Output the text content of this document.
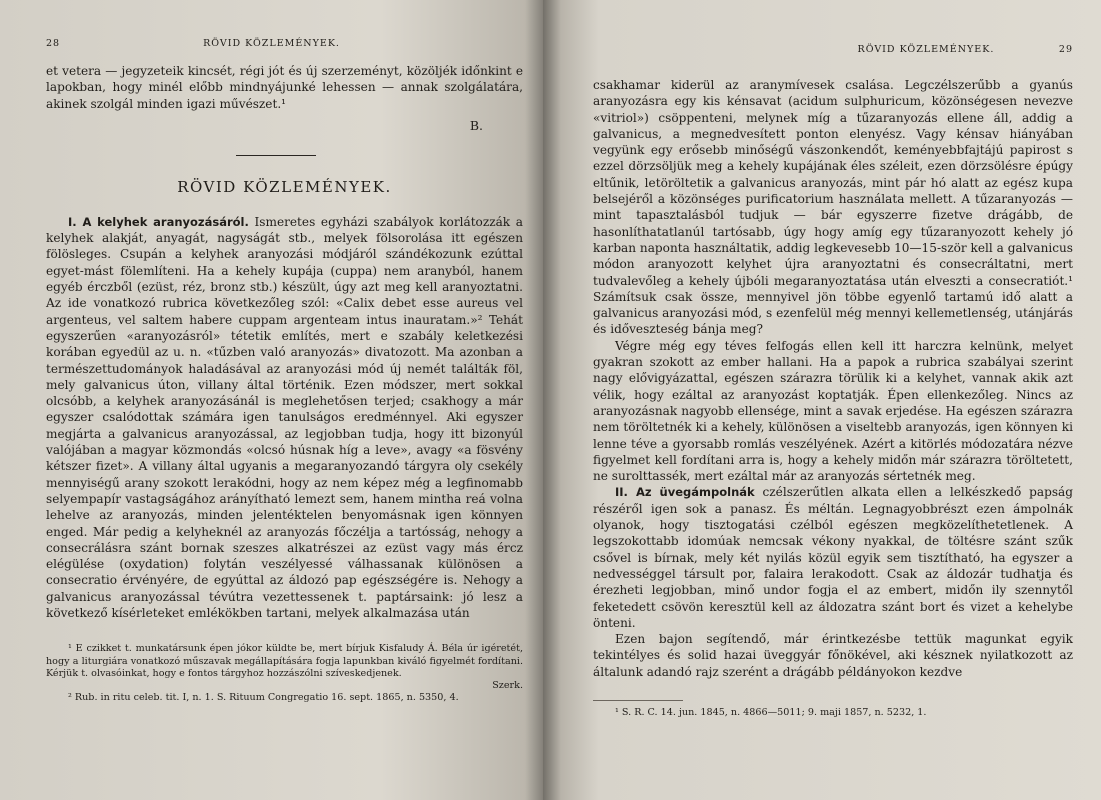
28	RÖVID KÖZLEMÉNYEK.

et vetera — jegyzeteik kincsét, régi jót és új szerzeményt, közöljék időnkint e lapokban, hogy minél előbb mindnyájunké lehessen — annak szolgálatára, akinek szolgál minden igazi művészet.¹

B.
RÖVID KÖZLEMÉNYEK.

I. A kelyhek aranyozásáról. Ismeretes egyházi szabályok korlátozzák a kelyhek alakját, anyagát, nagyságát stb., melyek fölsorolása itt egészen fölösleges. Csupán a kelyhek aranyozási módjáról szándékozunk ezúttal egyet-mást fölemlíteni. Ha a kehely kupája (cuppa) nem aranyból, hanem egyéb érczből (ezüst, réz, bronz stb.) készült, úgy azt meg kell aranyoztatni. Az ide vonatkozó rubrica következőleg szól: «Calix debet esse aureus vel argenteus, vel saltem habere cuppam argenteam intus inauratam.»² Tehát egyszerűen «aranyozásról» tétetik említés, mert e szabály keletkezési korában egyedül az u. n. «tűzben való aranyozás» divatozott. Ma azonban a természettudományok haladásával az aranyozási mód új nemét találták föl, mely galvanicus úton, villany által történik. Ezen módszer, mert sokkal olcsóbb, a kelyhek aranyozásánál is meglehetősen terjed; csakhogy a már egyszer csalódottak számára igen tanulságos eredménnyel. Aki egyszer megjárta a galvanicus aranyozással, az legjobban tudja, hogy itt bizonyúl valójában a magyar közmondás «olcsó húsnak híg a leve», avagy «a fösvény kétszer fizet». A villany által ugyanis a megaranyozandó tárgyra oly csekély mennyiségű arany szokott lerakódni, hogy az nem képez még a legfinomabb selyempapír vastagságához arányítható lemezt sem, hanem mintha reá volna lehelve az aranyozás, minden jelentéktelen benyomásnak igen könnyen enged. Már pedig a kelyheknél az aranyozás főczélja a tartósság, nehogy a consecrálásra szánt bornak szeszes alkatrészei az ezüst vagy más ércz elégülése (oxydation) folytán veszélyessé válhassanak különösen a consecratio érvényére, de egyúttal az áldozó pap egészségére is. Nehogy a galvanicus aranyozással tévútra vezettessenek t. paptársaink: jó lesz a következő kísérleteket emlékökben tartani, melyek alkalmazása után

¹ E czikket t. munkatársunk épen jókor küldte be, mert bírjuk Kisfaludy Á. Béla úr igéretét, hogy a liturgiára vonatkozó műszavak megállapítására fogja lapunkban kiváló figyelmét fordítani. Kérjük t. olvasóinkat, hogy e fontos tárgyhoz hozzászólni szíveskedjenek.

Szerk.

² Rub. in ritu celeb. tit. I, n. 1. S. Rituum Congregatio 16. sept. 1865, n. 5350, 4.

RÖVID KÖZLEMÉNYEK.	29

csakhamar kiderül az aranymívesek csalása. Legczélszerűbb a gyanús aranyozásra egy kis kénsavat (acidum sulphuricum, közönségesen nevezve «vitriol») csöppenteni, melynek míg a tűzaranyozás ellene áll, addig a galvanicus, a megnedvesített ponton elenyész. Vagy kénsav hiányában vegyünk egy erősebb minőségű vászonkendőt, keményebbfajtájú papirost s ezzel dörzsöljük meg a kehely kupájának éles széleit, ezen dörzsölésre épúgy eltűnik, letöröltetik a galvanicus aranyozás, mint pár hó alatt az egész kupa belsejéről a közönséges purificatorium használata mellett. A tűzaranyozás — mint tapasztalásból tudjuk — bár egyszerre fizetve drágább, de hasonlíthatatlanúl tartósabb, úgy hogy amíg egy tűzaranyozott kehely jó karban naponta használtatik, addig legkevesebb 10—15-ször kell a galvanicus módon aranyozott kelyhet újra aranyoztatni és consecráltatni, mert tudvalevőleg a kehely újbóli megaranyoztatása után elveszti a consecratiót.¹ Számítsuk csak össze, mennyivel jön többe egyenlő tartamú idő alatt a galvanicus aranyozási mód, s ezenfelül még mennyi kellemetlenség, utánjárás és időveszteség bánja meg?

Végre még egy téves felfogás ellen kell itt harczra kelnünk, melyet gyakran szokott az ember hallani. Ha a papok a rubrica szabályai szerint nagy elővigyázattal, egészen szárazra törülik ki a kelyhet, vannak akik azt vélik, hogy ezáltal az aranyozást koptatják. Épen ellenkezőleg. Nincs az aranyozásnak nagyobb ellensége, mint a savak erjedése. Ha egészen szárazra nem töröltetnék ki a kehely, különösen a viseltebb aranyozás, igen könnyen ki lenne téve a gyorsabb romlás veszélyének. Azért a kitörlés módozatára nézve figyelmet kell fordítani arra is, hogy a kehely midőn már szárazra töröltetett, ne surolttassék, mert ezáltal már az aranyozás sértetnék meg.

II. Az üvegámpolnák czélszerűtlen alkata ellen a lelkészkedő papság részéről igen sok a panasz. És méltán. Legnagyobbrészt ezen ámpolnák olyanok, hogy tisztogatási czélból egészen megközelíthetetlenek. A legszokottabb idomúak nemcsak vékony nyakkal, de töltésre szánt szűk csővel is bírnak, mely két nyilás közül egyik sem tisztítható, ha egyszer a nedvességgel társult por, falaira lerakodott. Csak az áldozár tudhatja és érezheti legjobban, minő undor fogja el az embert, midőn ily szennytől feketedett csövön keresztül kell az áldozatra szánt bort és vizet a kehelybe önteni.

Ezen bajon segítendő, már érintkezésbe tettük magunkat egyik tekintélyes és solid hazai üveggyár főnökével, aki késznek nyilatkozott az általunk adandó rajz szerént a drágább példányokon kezdve

¹ S. R. C. 14. jun. 1845, n. 4866—5011; 9. maji 1857, n. 5232, 1.
